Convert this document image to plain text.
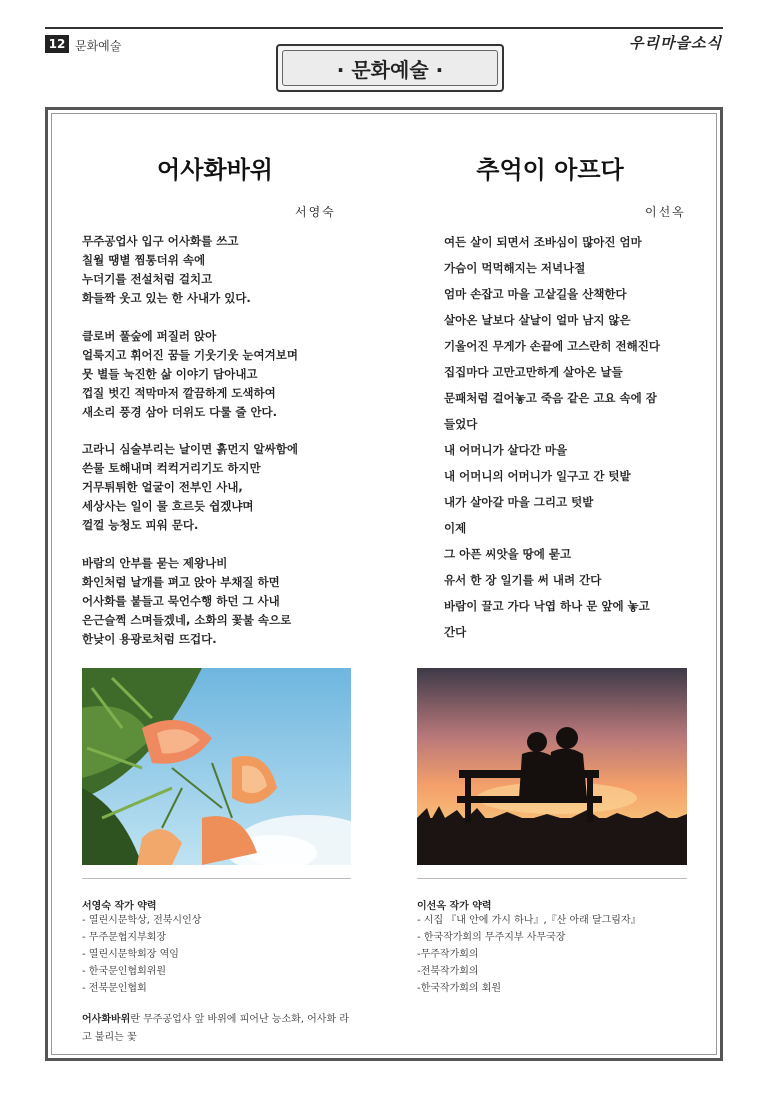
12 문화예술	우리마을소식
· 문화예술 ·
어사화바위
서영숙
무주공업사 입구 어사화를 쓰고
칠월 땡볕 찜통더위 속에
누더기를 전설처럼 걸치고
화들짝 웃고 있는 한 사내가 있다.
클로버 풀숲에 퍼질러 앉아
얼룩지고 휘어진 꿈들 기웃기웃 눈여겨보며
뭇 별들 눅진한 삶 이야기 담아내고
껍질 벗긴 적막마저 깔끔하게 도색하여
새소리 풍경 삼아 더위도 다룰 줄 안다.
고라니 심술부리는 날이면 흙먼지 알싸함에
쓴물 토해내며 컥컥거리기도 하지만
거무튀튀한 얼굴이 전부인 사내,
세상사는 일이 물 흐르듯 쉽겠냐며
껄껄 능청도 피워 문다.
바람의 안부를 묻는 제왕나비
화인처럼 날개를 펴고 앉아 부채질 하면
어사화를 붙들고 묵언수행 하던 그 사내
은근슬쩍 스며들겠네, 소화의 꽃불 속으로
한낮이 용광로처럼 뜨겁다.
추억이 아프다
이선옥
여든 살이 되면서 조바심이 많아진 엄마
가슴이 먹먹해지는 저녁나절
엄마 손잡고 마을 고샅길을 산책한다
살아온 날보다 살날이 얼마 남지 않은
기울어진 무게가 손끝에 고스란히 전해진다
집집마다 고만고만하게 살아온 날들
문패처럼 걸어놓고 죽음 같은 고요 속에 잠
들었다
내 어머니가 살다간 마을
내 어머니의 어머니가 일구고 간 텃밭
내가 살아갈 마을 그리고 텃밭
이제
그 아픈 씨앗을 땅에 묻고
유서 한 장 일기를 써 내려 간다
바람이 끌고 가다 낙엽 하나 문 앞에 놓고
간다
서영숙 작가 약력
- 열린시문학상, 전북시인상
- 무주문협지부회장
- 열린시문학회장 역임
- 한국문인협회위원
- 전북문인협회
어사화바위란 무주공업사 앞 바위에 피어난 능소화, 어사화 라고 불리는 꽃
이선옥 작가 약력
- 시집 『내 안에 가시 하나』,『산 아래 달그림자』
- 한국작가회의 무주지부 사무국장
-무주작가회의
-전북작가회의
-한국작가회의 회원
